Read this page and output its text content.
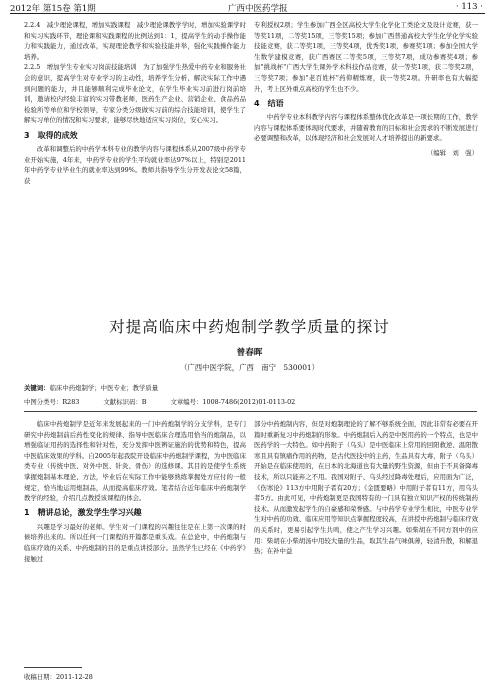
2012年 第15卷 第1期	广西中医药学报	· 113 ·

2.2.4　减少理论课程，增加实践课程　减少理论课教学学时，增加实验课学时和实习实践环节，理论课和实践课程的比例达到1：1，提高学生的动手操作能力和实践能力，通过改革，实现理论教学和实验技能并举，强化实践操作能力培养。

2.2.5　增加学生专业实习岗前技能培训　为了加强学生热爱中药专业和服务社会的意识，提高学生对专业学习的主动性，培养学生分析、解决实际工作中遇到问题的能力，并且能够顺利完成毕业论文，在学生毕业实习前进行岗前培训，邀请校内经验丰富的实习带教老师，医药生产企业、营销企业、食品药品检验所等单位和学校领导，专家分类分级做实习前的综合技能培训，使学生了解实习单位的情况和实习要求，能够尽快地适应实习岗位，安心实习。

3　取得的成效

改革和调整后的中药学本科专业的教学内容与课程体系从2007级中药学专业开始实施，4年来，中药学专业的学生平均就业率达97%以上，特别是2011年中药学专业毕业生的就业率达到99%。教师共指导学生分开发表论文58篇，获

专利授权2项；学生参加广西全区高校大学生化学化工类论文及设计竞赛，获一等奖11项，二等奖15项，三等奖15项；参加广西普通高校大学生化学化学实验技能竞赛，获二等奖1项，三等奖4项，优秀奖1项，参赛奖1项；参加全国大学生数学建模竞赛，获广西赛区二等奖5项，三等奖7项，成功参赛奖4项；参加"挑战杯"广西大学生课外学术科技作品竞赛，获一等奖1项，获二等奖2项，三等奖7项；参加"老百姓杯"药仰精炼赛，获一等奖2项。升研率也有大幅提升，考上区外重点高校的学生也不少。

4　结语

中药学专业本科教学内容与课程体系整体优化改革是一项长期的工作，教学内容与课程体系要体现时代要求，并随着教育的目标和社会需求的不断发展进行必要调整和改革，以体现经济和社会发展对人才培养提出的新要求。

（编辑　刘　强）
对提高临床中药炮制学教学质量的探讨
曾春晖
（广西中医学院，广西　南宁　530001）
关键词：临床中药炮制学；中医专业；教学质量
中图分类号：R283	文献标识码：B	文章编号：1008-7486(2012)01-0113-02

临床中药炮制学是近年来发展起来的一门中药炮制学的分支学科，是专门研究中药炮制前后药性变化的规律、指导中医临床合理选用恰当的炮制品，以增强临证用药的选择性和针对性，充分发挥中医辨证施治的优势和特色，提高中医临床效果的学科。自2005年起我院开设临床中药炮制学课程，为中医临床类专业（传统中医、对外中医、针灸、骨伤）的选修课。其目的是使学生系统掌握炮制基本理论、方法，毕业后在实际工作中能够熟练掌握处方应付的一般规定，恰当地运用炮制品，从而提高临床疗效。笔者结合近年临床中药炮制学教学的经验，介绍几点教授该课程的体会。

1　精讲总论，激发学生学习兴趣

兴趣是学习最好的老师。学生对一门课程的兴趣往往是在上第一次课的时候培养出来的。所以任何一门课程的开篇都是重头戏。在总论中，中药炮制与临床疗效的关系、中药炮制的目的是重点讲授部分。虽然学生已经在《中药学》接触过

部分中药炮制内容，但是对炮制理论的了解不够系统全面，因此非常有必要在开篇时重新复习中药炮制的形象。中药炮制后入药是中医用药的一个特点，也是中医药学的一大特色。如中药附子（乌头）是中医临床上常用的回阳救逆、温阳散寒且具有镇痛作用的药物，是古代医技中的主药，生品具有大毒，附子（乌头）开始是在临床使用的，在日本的北海道也有大量的野生资源，但由于不具备降毒技术，所以只能弃之不用。我国对附子、乌头经过降毒处理后，应用面为广泛，《伤寒论》113方中用附子者有20方；《金匮要略》中用附子者有11方，用乌头者5方。由此可见，中药炮制更是我国特有的一门具有独立知识产权的传统制药技术。从而激发起学生的自豪感和荣誉感。与中药学专业学生相比，中医专业学生对中药的功效、临床应用等知识点掌握程度较高，在讲授中药炮制与临床疗效的关系时，更易引起学生共鸣，使之产生学习兴趣。如柴胡在不同方剂中的应用：柴胡在小柴胡汤中用较大量的生品，取其生品气味俱薄，轻清升散，和解退热；在补中益

收稿日期：2011-12-28
